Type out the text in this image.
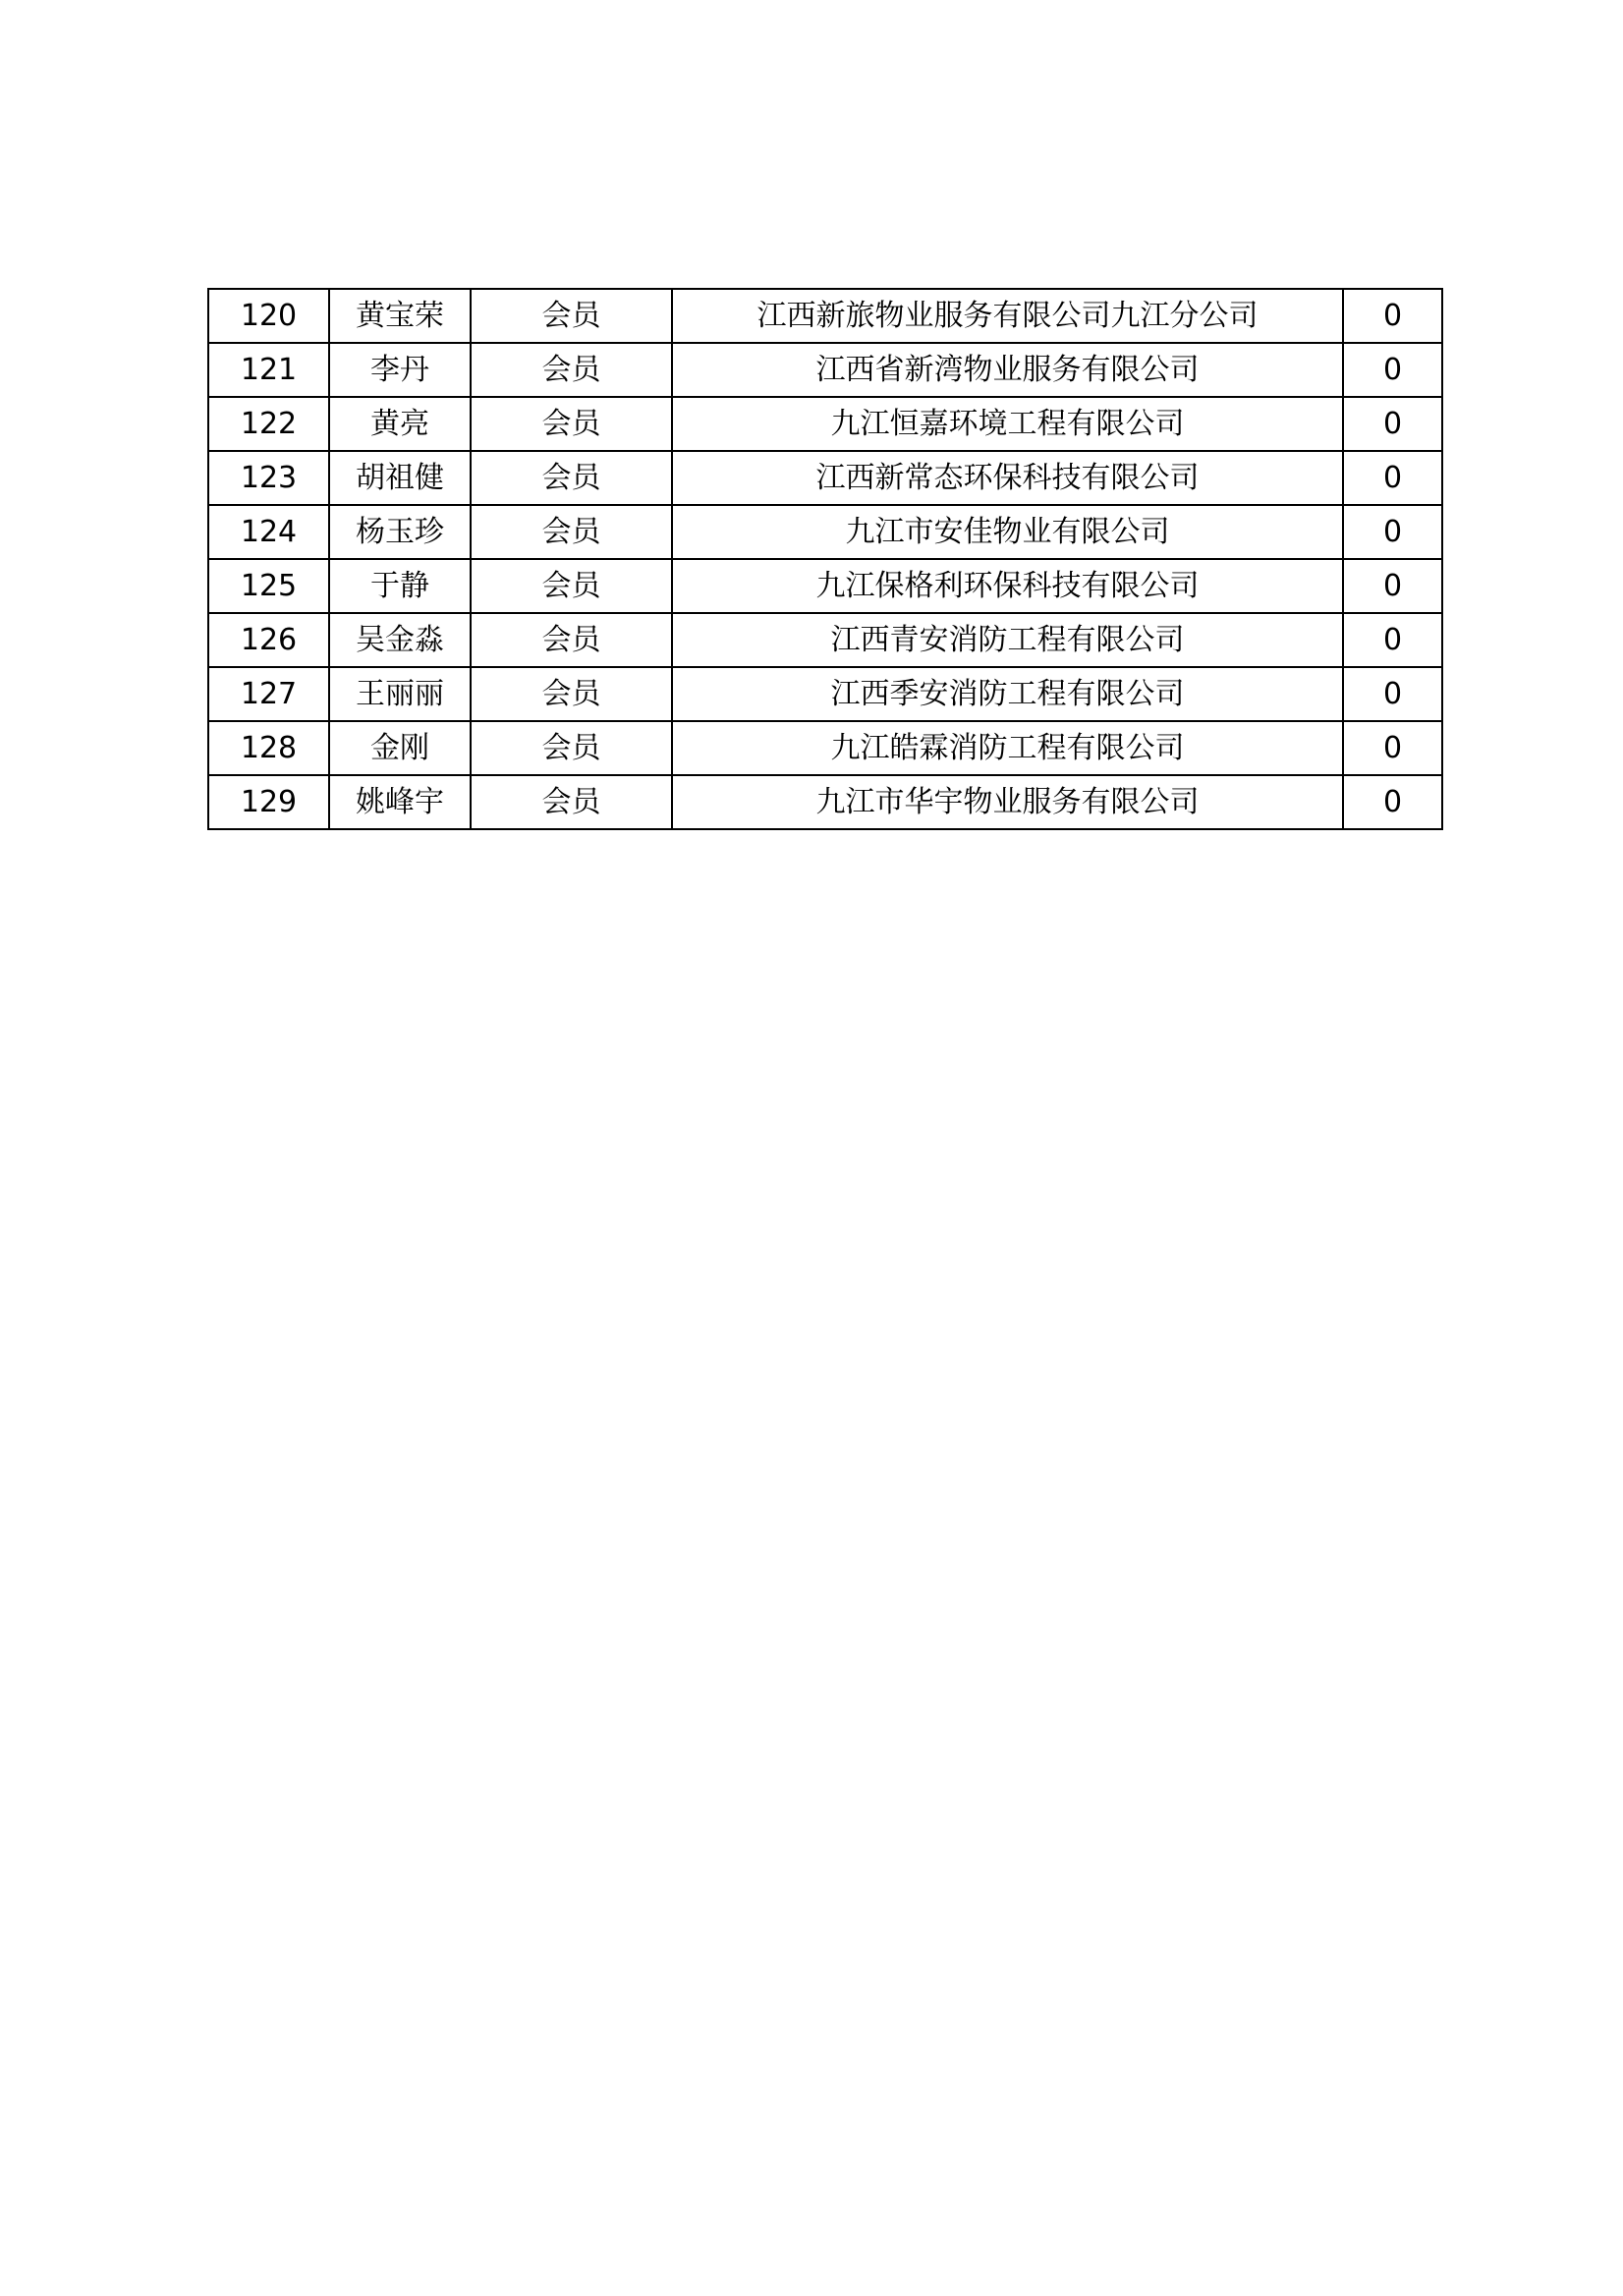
120	黄宝荣	会员	江西新旅物业服务有限公司九江分公司	0
121	李丹	会员	江西省新湾物业服务有限公司	0
122	黄亮	会员	九江恒嘉环境工程有限公司	0
123	胡祖健	会员	江西新常态环保科技有限公司	0
124	杨玉珍	会员	九江市安佳物业有限公司	0
125	于静	会员	九江保格利环保科技有限公司	0
126	吴金淼	会员	江西青安消防工程有限公司	0
127	王丽丽	会员	江西季安消防工程有限公司	0
128	金刚	会员	九江皓霖消防工程有限公司	0
129	姚峰宇	会员	九江市华宇物业服务有限公司	0
